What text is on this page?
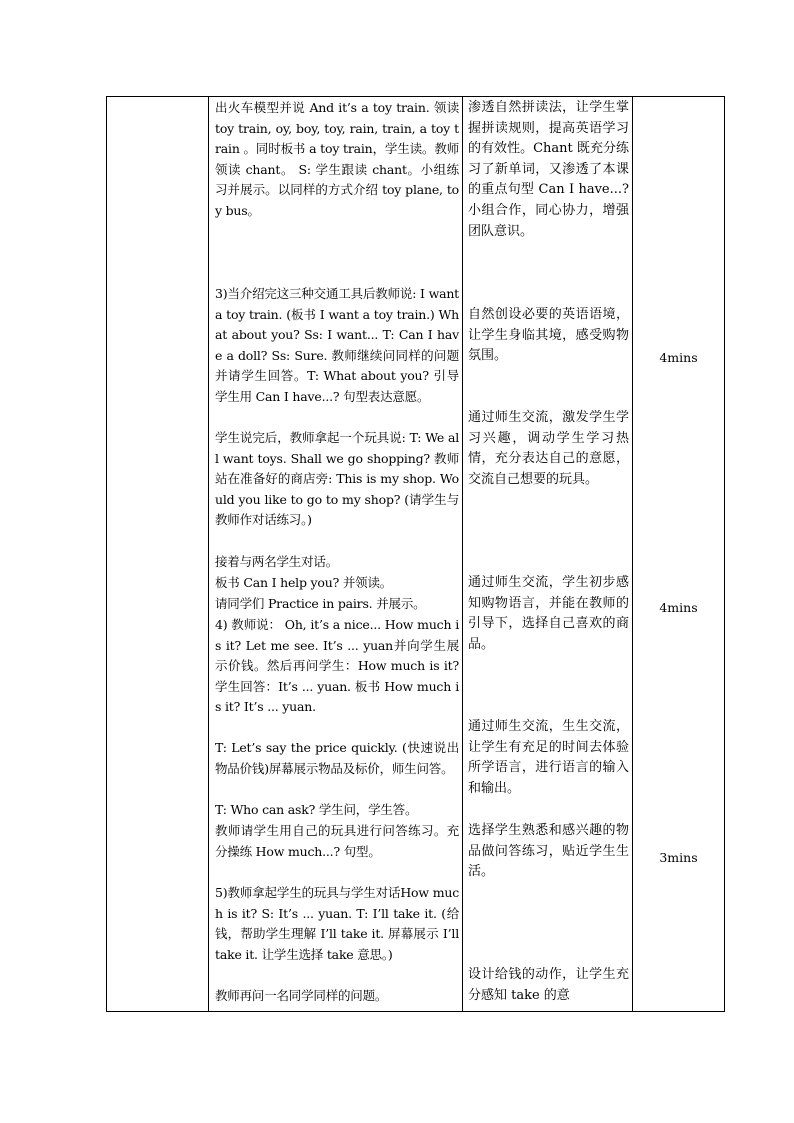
出火车模型并说 And it’s a toy train. 领读 toy train, oy, boy, toy, rain, train, a toy train 。同时板书 a toy train，学生读。教师领读 chant。 S: 学生跟读 chant。小组练习并展示。以同样的方式介绍 toy plane, toy bus。

3)当介绍完这三种交通工具后教师说: I want a toy train. (板书 I want a toy train.) What about you? Ss: I want... T: Can I have a doll? Ss: Sure. 教师继续问同样的问题并请学生回答。T: What about you? 引导学生用 Can I have...? 句型表达意愿。

学生说完后，教师拿起一个玩具说: T: We all want toys. Shall we go shopping? 教师站在准备好的商店旁: This is my shop. Would you like to go to my shop? (请学生与教师作对话练习。)

接着与两名学生对话。

板书 Can I help you? 并领读。

请同学们 Practice in pairs. 并展示。

4) 教师说： Oh, it’s a nice... How much is it? Let me see. It’s ... yuan并向学生展示价钱。然后再问学生：How much is it? 学生回答：It’s ... yuan. 板书 How much is it? It’s ... yuan.

T: Let’s say the price quickly. (快速说出物品价钱)屏幕展示物品及标价，师生问答。

T: Who can ask? 学生问，学生答。

教师请学生用自己的玩具进行问答练习。充分操练 How much...? 句型。

5)教师拿起学生的玩具与学生对话How much is it? S: It’s ... yuan. T: I’ll take it. (给钱，帮助学生理解 I’ll take it. 屏幕展示 I’ll take it. 让学生选择 take 意思。)

教师再问一名同学同样的问题。

渗透自然拼读法，让学生掌握拼读规则，提高英语学习的有效性。Chant 既充分练习了新单词，又渗透了本课的重点句型 Can I have...? 小组合作，同心协力，增强团队意识。

自然创设必要的英语语境，让学生身临其境，感受购物氛围。

通过师生交流，激发学生学习兴趣，调动学生学习热情，充分表达自己的意愿，交流自己想要的玩具。

通过师生交流，学生初步感知购物语言，并能在教师的引导下，选择自己喜欢的商品。

通过师生交流，生生交流，让学生有充足的时间去体验所学语言，进行语言的输入和输出。

选择学生熟悉和感兴趣的物品做问答练习，贴近学生生活。

设计给钱的动作，让学生充分感知 take 的意

4mins

4mins

3mins
